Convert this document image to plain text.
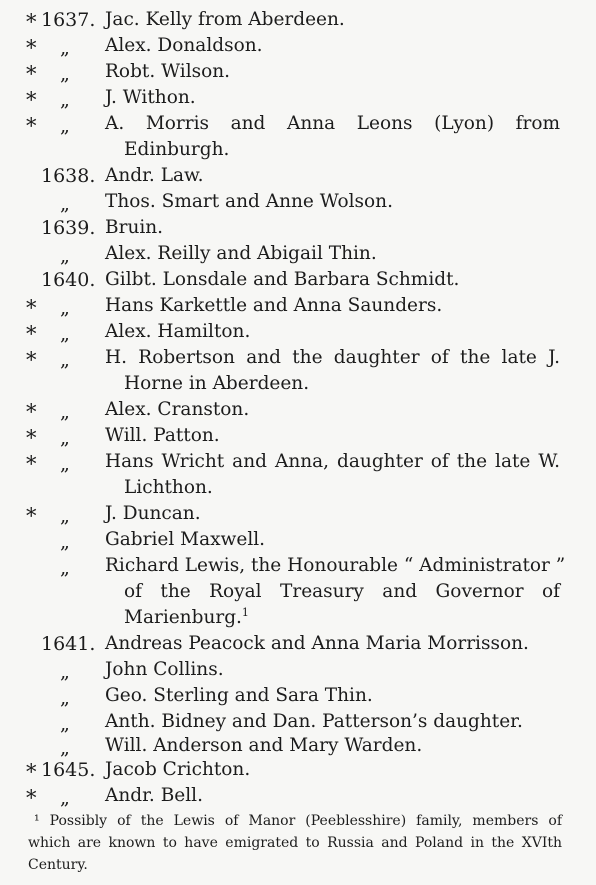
* 1637. Jac. Kelly from Aberdeen.
* „ Alex. Donaldson.
* „ Robt. Wilson.
* „ J. Withon.
* „ A. Morris and Anna Leons (Lyon) from
Edinburgh.
1638. Andr. Law.
„ Thos. Smart and Anne Wolson.
1639. Bruin.
„ Alex. Reilly and Abigail Thin.
1640. Gilbt. Lonsdale and Barbara Schmidt.
* „ Hans Karkettle and Anna Saunders.
* „ Alex. Hamilton.
* „ H. Robertson and the daughter of the late J.
Horne in Aberdeen.
* „ Alex. Cranston.
* „ Will. Patton.
* „ Hans Wricht and Anna, daughter of the late W.
Lichthon.
* „ J. Duncan.
„ Gabriel Maxwell.
„ Richard Lewis, the Honourable “ Administrator ”
of the Royal Treasury and Governor of
Marienburg.$^1$
1641. Andreas Peacock and Anna Maria Morrisson.
„ John Collins.
„ Geo. Sterling and Sara Thin.
„ Anth. Bidney and Dan. Patterson’s daughter.
„ Will. Anderson and Mary Warden.
* 1645. Jacob Crichton.
* „ Andr. Bell.
¹ Possibly of the Lewis of Manor (Peeblesshire) family, members of
which are known to have emigrated to Russia and Poland in the XVIth
Century.
